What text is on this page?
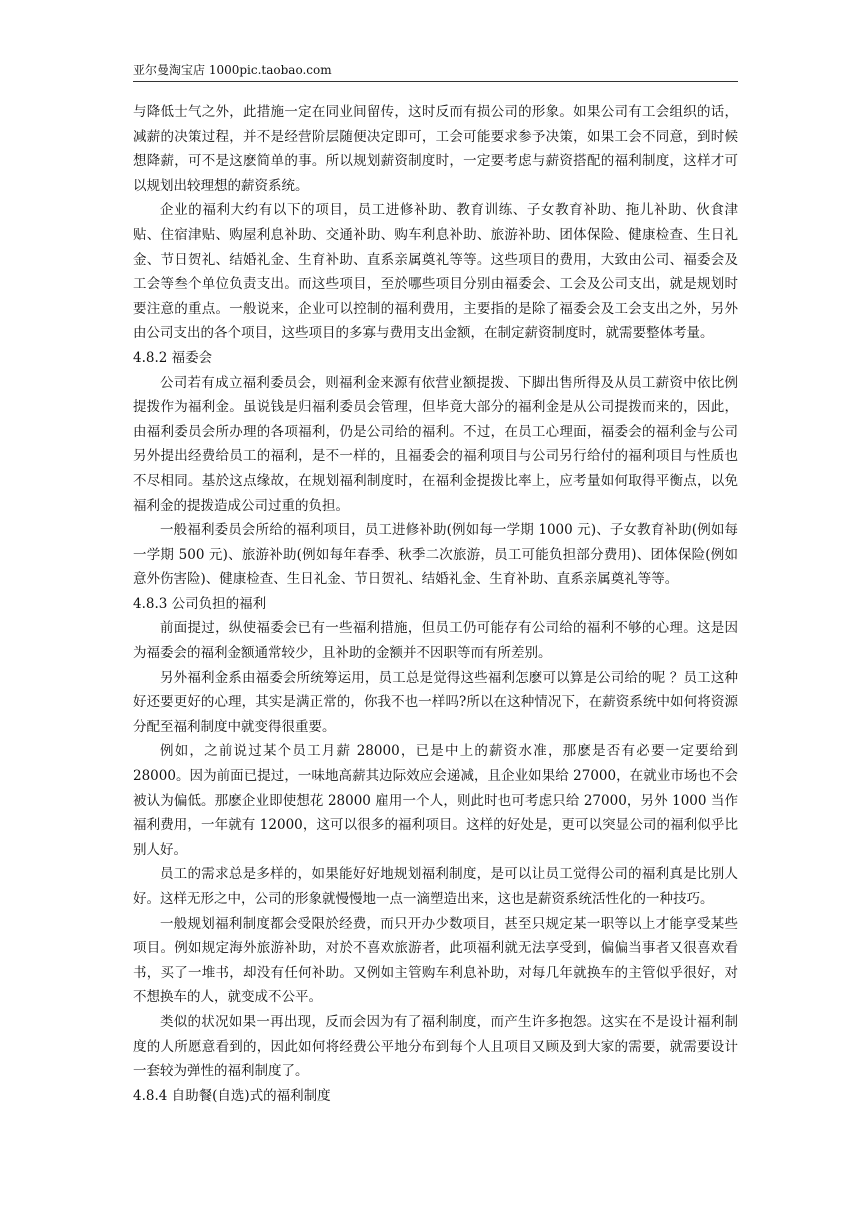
亚尔曼淘宝店 1000pic.taobao.com

与降低士气之外，此措施一定在同业间留传，这时反而有损公司的形象。如果公司有工会组织的话，减薪的决策过程，并不是经营阶层随便决定即可，工会可能要求参予决策，如果工会不同意，到时候想降薪，可不是这麽简单的事。所以规划薪资制度时，一定要考虑与薪资搭配的福利制度，这样才可以规划出较理想的薪资系统。

企业的福利大约有以下的项目，员工进修补助、教育训练、子女教育补助、拖儿补助、伙食津贴、住宿津贴、购屋利息补助、交通补助、购车利息补助、旅游补助、团体保险、健康检查、生日礼金、节日贺礼、结婚礼金、生育补助、直系亲属奠礼等等。这些项目的费用，大致由公司、福委会及工会等叁个单位负责支出。而这些项目，至於哪些项目分别由福委会、工会及公司支出，就是规划时要注意的重点。一般说来，企业可以控制的福利费用，主要指的是除了福委会及工会支出之外，另外由公司支出的各个项目，这些项目的多寡与费用支出金额，在制定薪资制度时，就需要整体考量。

4.8.2 福委会

公司若有成立福利委员会，则福利金来源有依营业额提拨、下脚出售所得及从员工薪资中依比例提拨作为福利金。虽说钱是归福利委员会管理，但毕竟大部分的福利金是从公司提拨而来的，因此，由福利委员会所办理的各项福利，仍是公司给的福利。不过，在员工心理面，福委会的福利金与公司另外提出经费给员工的福利，是不一样的，且福委会的福利项目与公司另行给付的福利项目与性质也不尽相同。基於这点缘故，在规划福利制度时，在福利金提拨比率上，应考量如何取得平衡点，以免福利金的提拨造成公司过重的负担。

一般福利委员会所给的福利项目，员工进修补助(例如每一学期 1000 元)、子女教育补助(例如每一学期 500 元)、旅游补助(例如每年春季、秋季二次旅游，员工可能负担部分费用)、团体保险(例如意外伤害险)、健康检查、生日礼金、节日贺礼、结婚礼金、生育补助、直系亲属奠礼等等。

4.8.3 公司负担的福利

前面提过，纵使福委会已有一些福利措施，但员工仍可能存有公司给的福利不够的心理。这是因为福委会的福利金额通常较少，且补助的金额并不因职等而有所差别。

另外福利金系由福委会所统筹运用，员工总是觉得这些福利怎麽可以算是公司给的呢 ？员工这种好还要更好的心理，其实是满正常的，你我不也一样吗?所以在这种情况下，在薪资系统中如何将资源分配至福利制度中就变得很重要。

例如，之前说过某个员工月薪 28000，已是中上的薪资水准，那麽是否有必要一定要给到 28000。因为前面已提过，一味地高薪其边际效应会递减，且企业如果给 27000，在就业市场也不会被认为偏低。那麽企业即使想花 28000 雇用一个人，则此时也可考虑只给 27000，另外 1000 当作福利费用，一年就有 12000，这可以很多的福利项目。这样的好处是，更可以突显公司的福利似乎比别人好。

员工的需求总是多样的，如果能好好地规划福利制度，是可以让员工觉得公司的福利真是比别人好。这样无形之中，公司的形象就慢慢地一点一滴塑造出来，这也是薪资系统活性化的一种技巧。

一般规划福利制度都会受限於经费，而只开办少数项目，甚至只规定某一职等以上才能享受某些项目。例如规定海外旅游补助，对於不喜欢旅游者，此项福利就无法享受到，偏偏当事者又很喜欢看书，买了一堆书，却没有任何补助。又例如主管购车利息补助，对每几年就换车的主管似乎很好，对不想换车的人，就变成不公平。

类似的状况如果一再出现，反而会因为有了福利制度，而产生许多抱怨。这实在不是设计福利制度的人所愿意看到的，因此如何将经费公平地分布到每个人且项目又顾及到大家的需要，就需要设计一套较为弹性的福利制度了。

4.8.4 自助餐(自选)式的福利制度
